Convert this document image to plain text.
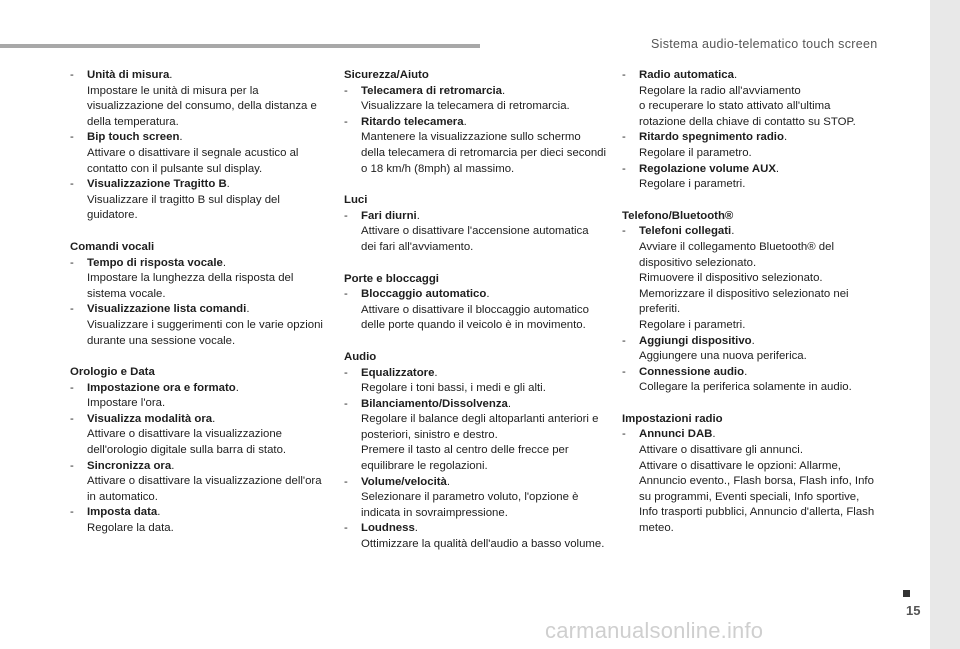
Sistema audio-telematico touch screen
15
carmanualsonline.info
- Unità di misura.
Impostare le unità di misura per la visualizzazione del consumo, della distanza e della temperatura.
- Bip touch screen.
Attivare o disattivare il segnale acustico al contatto con il pulsante sul display.
- Visualizzazione Tragitto B.
Visualizzare il tragitto B sul display del guidatore.
Comandi vocali
- Tempo di risposta vocale.
Impostare la lunghezza della risposta del sistema vocale.
- Visualizzazione lista comandi.
Visualizzare i suggerimenti con le varie opzioni durante una sessione vocale.
Orologio e Data
- Impostazione ora e formato.
Impostare l'ora.
- Visualizza modalità ora.
Attivare o disattivare la visualizzazione dell'orologio digitale sulla barra di stato.
- Sincronizza ora.
Attivare o disattivare la visualizzazione dell'ora in automatico.
- Imposta data.
Regolare la data.
Sicurezza/Aiuto
- Telecamera di retromarcia.
Visualizzare la telecamera di retromarcia.
- Ritardo telecamera.
Mantenere la visualizzazione sullo schermo della telecamera di retromarcia per dieci secondi o 18 km/h (8mph) al massimo.
Luci
- Fari diurni.
Attivare o disattivare l'accensione automatica dei fari all'avviamento.
Porte e bloccaggi
- Bloccaggio automatico.
Attivare o disattivare il bloccaggio automatico delle porte quando il veicolo è in movimento.
Audio
- Equalizzatore.
Regolare i toni bassi, i medi e gli alti.
- Bilanciamento/Dissolvenza.
Regolare il balance degli altoparlanti anteriori e posteriori, sinistro e destro.
Premere il tasto al centro delle frecce per equilibrare le regolazioni.
- Volume/velocità.
Selezionare il parametro voluto, l'opzione è indicata in sovraimpressione.
- Loudness.
Ottimizzare la qualità dell'audio a basso volume.
- Radio automatica.
Regolare la radio all'avviamento
o recuperare lo stato attivato all'ultima rotazione della chiave di contatto su STOP.
- Ritardo spegnimento radio.
Regolare il parametro.
- Regolazione volume AUX.
Regolare i parametri.
Telefono/Bluetooth®
- Telefoni collegati.
Avviare il collegamento Bluetooth® del dispositivo selezionato.
Rimuovere il dispositivo selezionato.
Memorizzare il dispositivo selezionato nei preferiti.
Regolare i parametri.
- Aggiungi dispositivo.
Aggiungere una nuova periferica.
- Connessione audio.
Collegare la periferica solamente in audio.
Impostazioni radio
- Annunci DAB.
Attivare o disattivare gli annunci.
Attivare o disattivare le opzioni: Allarme, Annuncio evento., Flash borsa, Flash info, Info su programmi, Eventi speciali, Info sportive, Info trasporti pubblici, Annuncio d'allerta, Flash meteo.
